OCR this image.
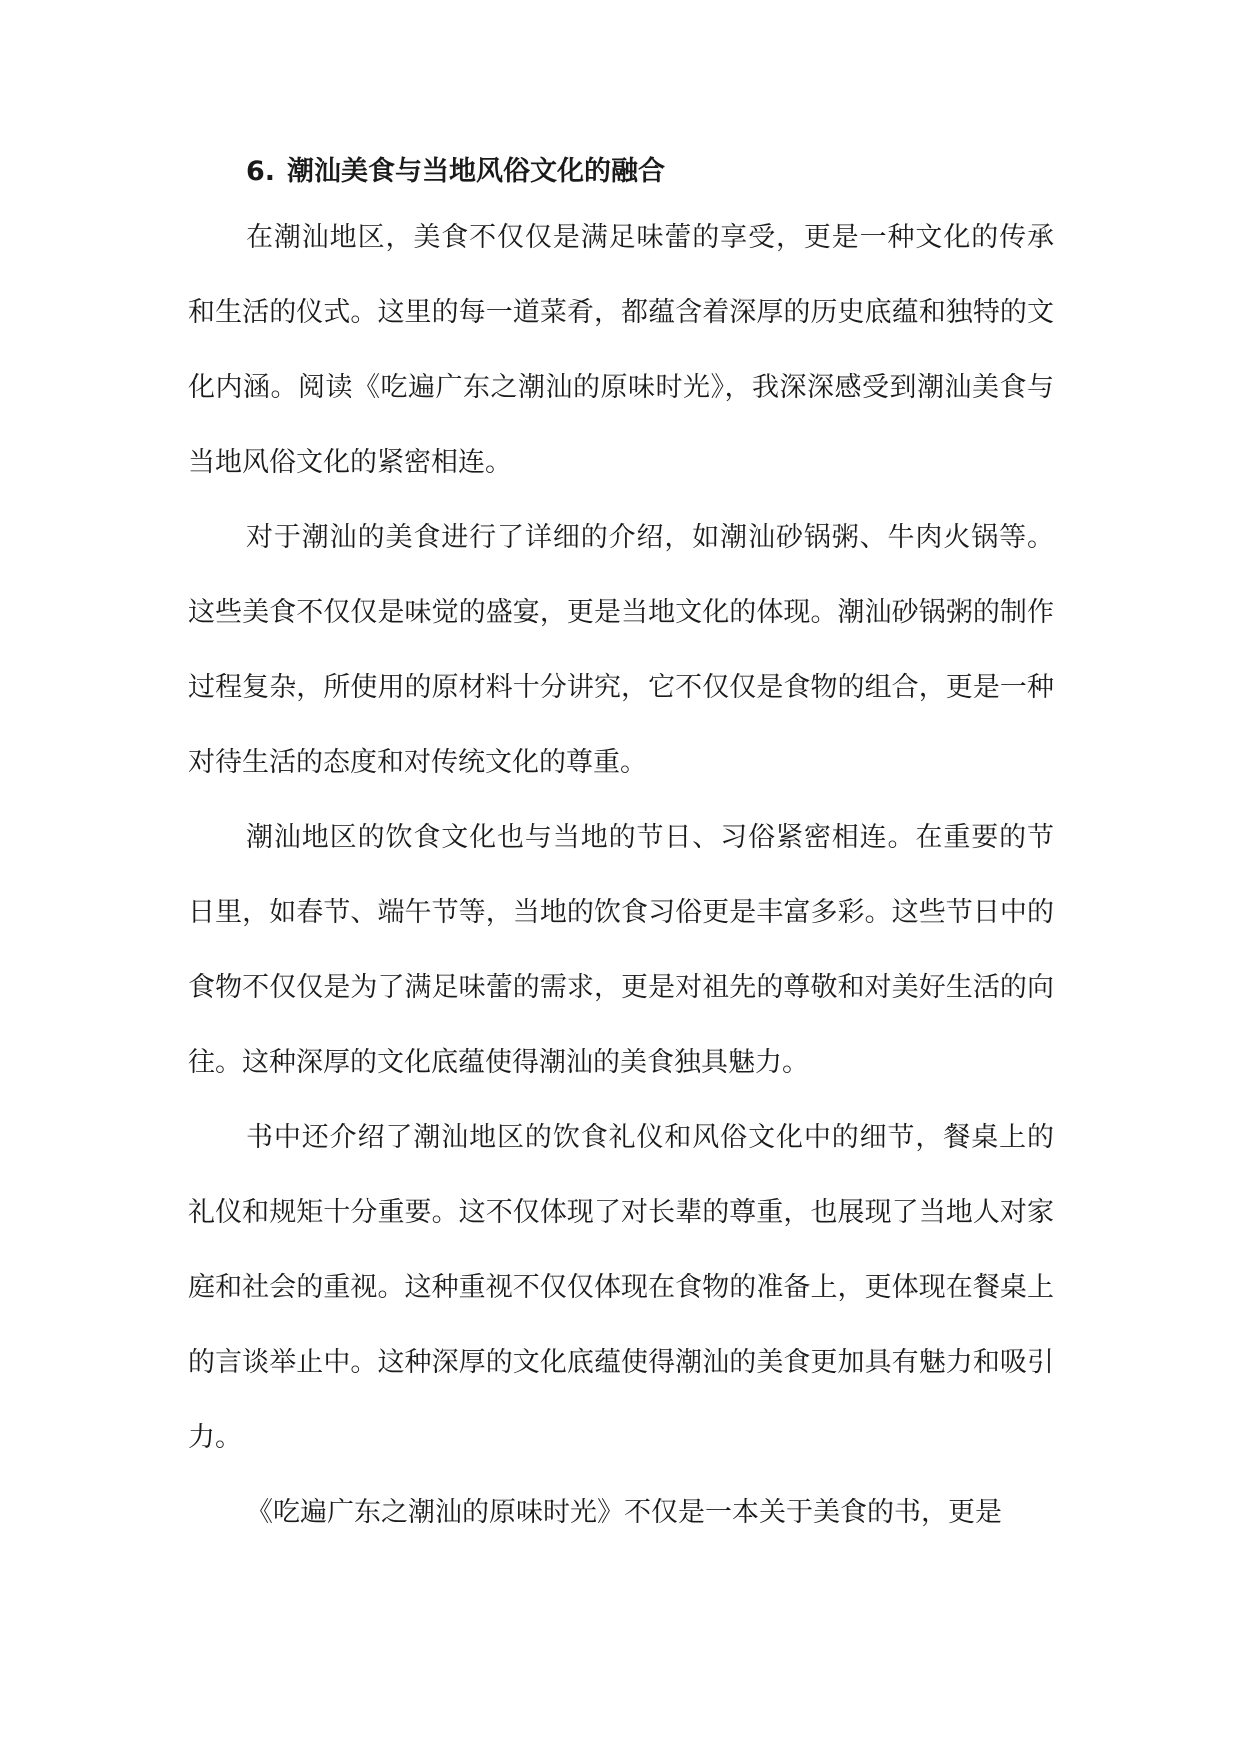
6. 潮汕美食与当地风俗文化的融合

在潮汕地区，美食不仅仅是满足味蕾的享受，更是一种文化的传承和生活的仪式。这里的每一道菜肴，都蕴含着深厚的历史底蕴和独特的文化内涵。阅读《吃遍广东之潮汕的原味时光》，我深深感受到潮汕美食与当地风俗文化的紧密相连。

对于潮汕的美食进行了详细的介绍，如潮汕砂锅粥、牛肉火锅等。这些美食不仅仅是味觉的盛宴，更是当地文化的体现。潮汕砂锅粥的制作过程复杂，所使用的原材料十分讲究，它不仅仅是食物的组合，更是一种对待生活的态度和对传统文化的尊重。

潮汕地区的饮食文化也与当地的节日、习俗紧密相连。在重要的节日里，如春节、端午节等，当地的饮食习俗更是丰富多彩。这些节日中的食物不仅仅是为了满足味蕾的需求，更是对祖先的尊敬和对美好生活的向往。这种深厚的文化底蕴使得潮汕的美食独具魅力。

书中还介绍了潮汕地区的饮食礼仪和风俗文化中的细节，餐桌上的礼仪和规矩十分重要。这不仅体现了对长辈的尊重，也展现了当地人对家庭和社会的重视。这种重视不仅仅体现在食物的准备上，更体现在餐桌上的言谈举止中。这种深厚的文化底蕴使得潮汕的美食更加具有魅力和吸引力。

《吃遍广东之潮汕的原味时光》不仅是一本关于美食的书，更是
